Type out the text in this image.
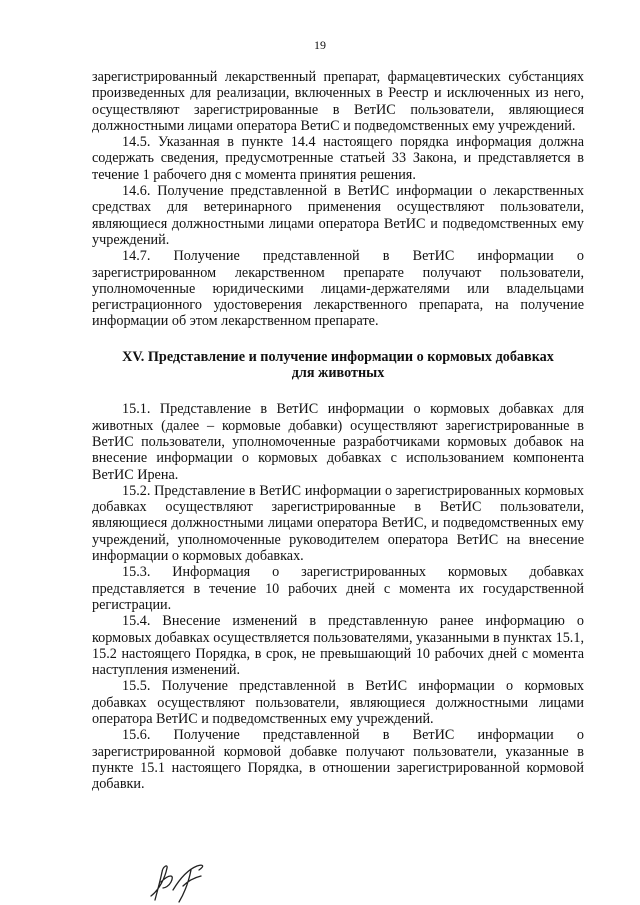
19

зарегистрированный лекарственный препарат, фармацевтических субстанциях произведенных для реализации, включенных в Реестр и исключенных из него, осуществляют зарегистрированные в ВетИС пользователи, являющиеся должностными лицами оператора ВетиС и подведомственных ему учреждений.

14.5. Указанная в пункте 14.4 настоящего порядка информация должна содержать сведения, предусмотренные статьей 33 Закона, и представляется в течение 1 рабочего дня с момента принятия решения.

14.6. Получение представленной в ВетИС информации о лекарственных средствах для ветеринарного применения осуществляют пользователи, являющиеся должностными лицами оператора ВетИС и подведомственных ему учреждений.

14.7. Получение представленной в ВетИС информации о зарегистрированном лекарственном препарате получают пользователи, уполномоченные юридическими лицами-держателями или владельцами регистрационного удостоверения лекарственного препарата, на получение информации об этом лекарственном препарате.

XV. Представление и получение информации о кормовых добавках
для животных

15.1. Представление в ВетИС информации о кормовых добавках для животных (далее – кормовые добавки) осуществляют зарегистрированные в ВетИС пользователи, уполномоченные разработчиками кормовых добавок на внесение информации о кормовых добавках с использованием компонента ВетИС Ирена.

15.2. Представление в ВетИС информации о зарегистрированных кормовых добавках осуществляют зарегистрированные в ВетИС пользователи, являющиеся должностными лицами оператора ВетИС, и подведомственных ему учреждений, уполномоченные руководителем оператора ВетИС на внесение информации о кормовых добавках.

15.3. Информация о зарегистрированных кормовых добавках представляется в течение 10 рабочих дней с момента их государственной регистрации.

15.4. Внесение изменений в представленную ранее информацию о кормовых добавках осуществляется пользователями, указанными в пунктах 15.1, 15.2 настоящего Порядка, в срок, не превышающий 10 рабочих дней с момента наступления изменений.

15.5. Получение представленной в ВетИС информации о кормовых добавках осуществляют пользователи, являющиеся должностными лицами оператора ВетИС и подведомственных ему учреждений.

15.6. Получение представленной в ВетИС информации о зарегистрированной кормовой добавке получают пользователи, указанные в пункте 15.1 настоящего Порядка, в отношении зарегистрированной кормовой добавки.
